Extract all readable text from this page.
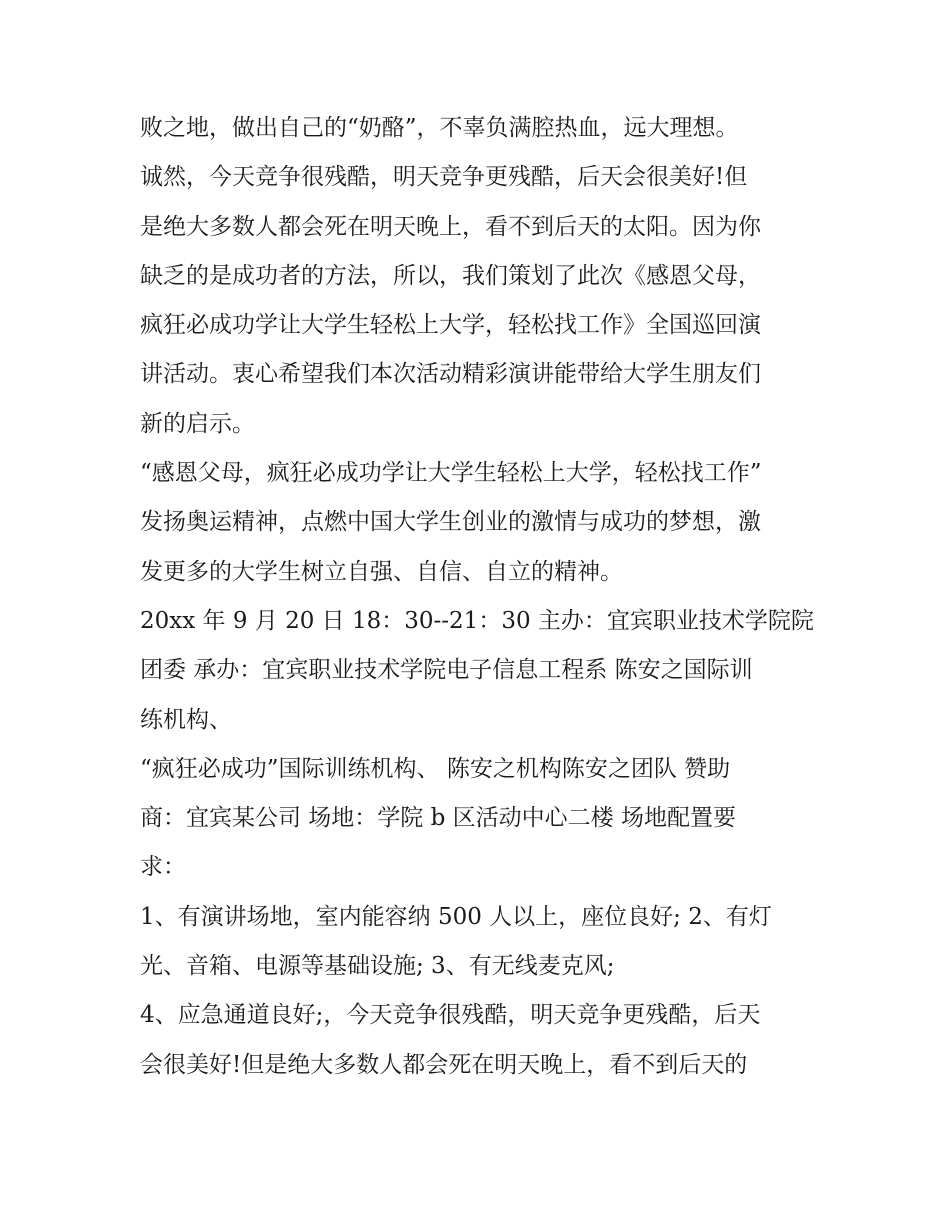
败之地，做出自己的“奶酪”，不辜负满腔热血，远大理想。
诚然，今天竞争很残酷，明天竞争更残酷，后天会很美好!但
是绝大多数人都会死在明天晚上，看不到后天的太阳。因为你
缺乏的是成功者的方法，所以，我们策划了此次《感恩父母，
疯狂必成功学让大学生轻松上大学，轻松找工作》全国巡回演
讲活动。衷心希望我们本次活动精彩演讲能带给大学生朋友们
新的启示。
“感恩父母，疯狂必成功学让大学生轻松上大学，轻松找工作”
发扬奥运精神，点燃中国大学生创业的激情与成功的梦想，激
发更多的大学生树立自强、自信、自立的精神。
20xx 年 9 月 20 日 18：30--21：30 主办：宜宾职业技术学院院
团委 承办：宜宾职业技术学院电子信息工程系 陈安之国际训
练机构、
“疯狂必成功”国际训练机构、 陈安之机构陈安之团队 赞助
商：宜宾某公司 场地：学院 b 区活动中心二楼 场地配置要
求：
1、有演讲场地，室内能容纳 500 人以上，座位良好; 2、有灯
光、音箱、电源等基础设施; 3、有无线麦克风;
4、应急通道良好;，今天竞争很残酷，明天竞争更残酷，后天
会很美好!但是绝大多数人都会死在明天晚上，看不到后天的
